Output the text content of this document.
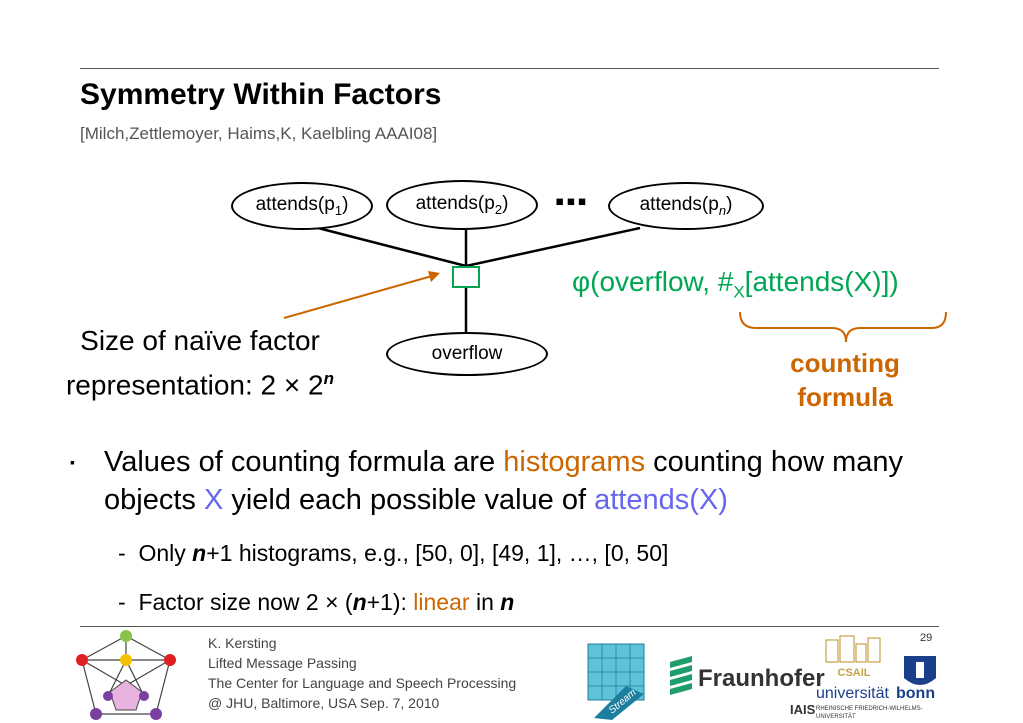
Symmetry Within Factors
[Milch,Zettlemoyer, Haims,K, Kaelbling AAAI08]
$attends(p_1)$	$attends(p_2)$ ▪▪▪	$attends(p_n)$
overflow
φ(overflow, $\#_X[attends(X)]$)
counting
formula
Size of naïve factor
representation: $2 \times 2^n$
▪ Values of counting formula are histograms counting how many objects X yield each possible value of attends(X)
- Only n+1 histograms, e.g., [50, 0], [49, 1], …, [0, 50]
- Factor size now 2 × (n+1): linear in n
K. Kersting
Lifted Message Passing
The Center for Language and Speech Processing
@ JHU, Baltimore, USA Sep. 7, 2010	Stream
Fraunhofer
IAIS
29
CSAIL
universität bonn
RHEINISCHE FRIEDRICH-WILHELMS-
UNIVERSITÄT
